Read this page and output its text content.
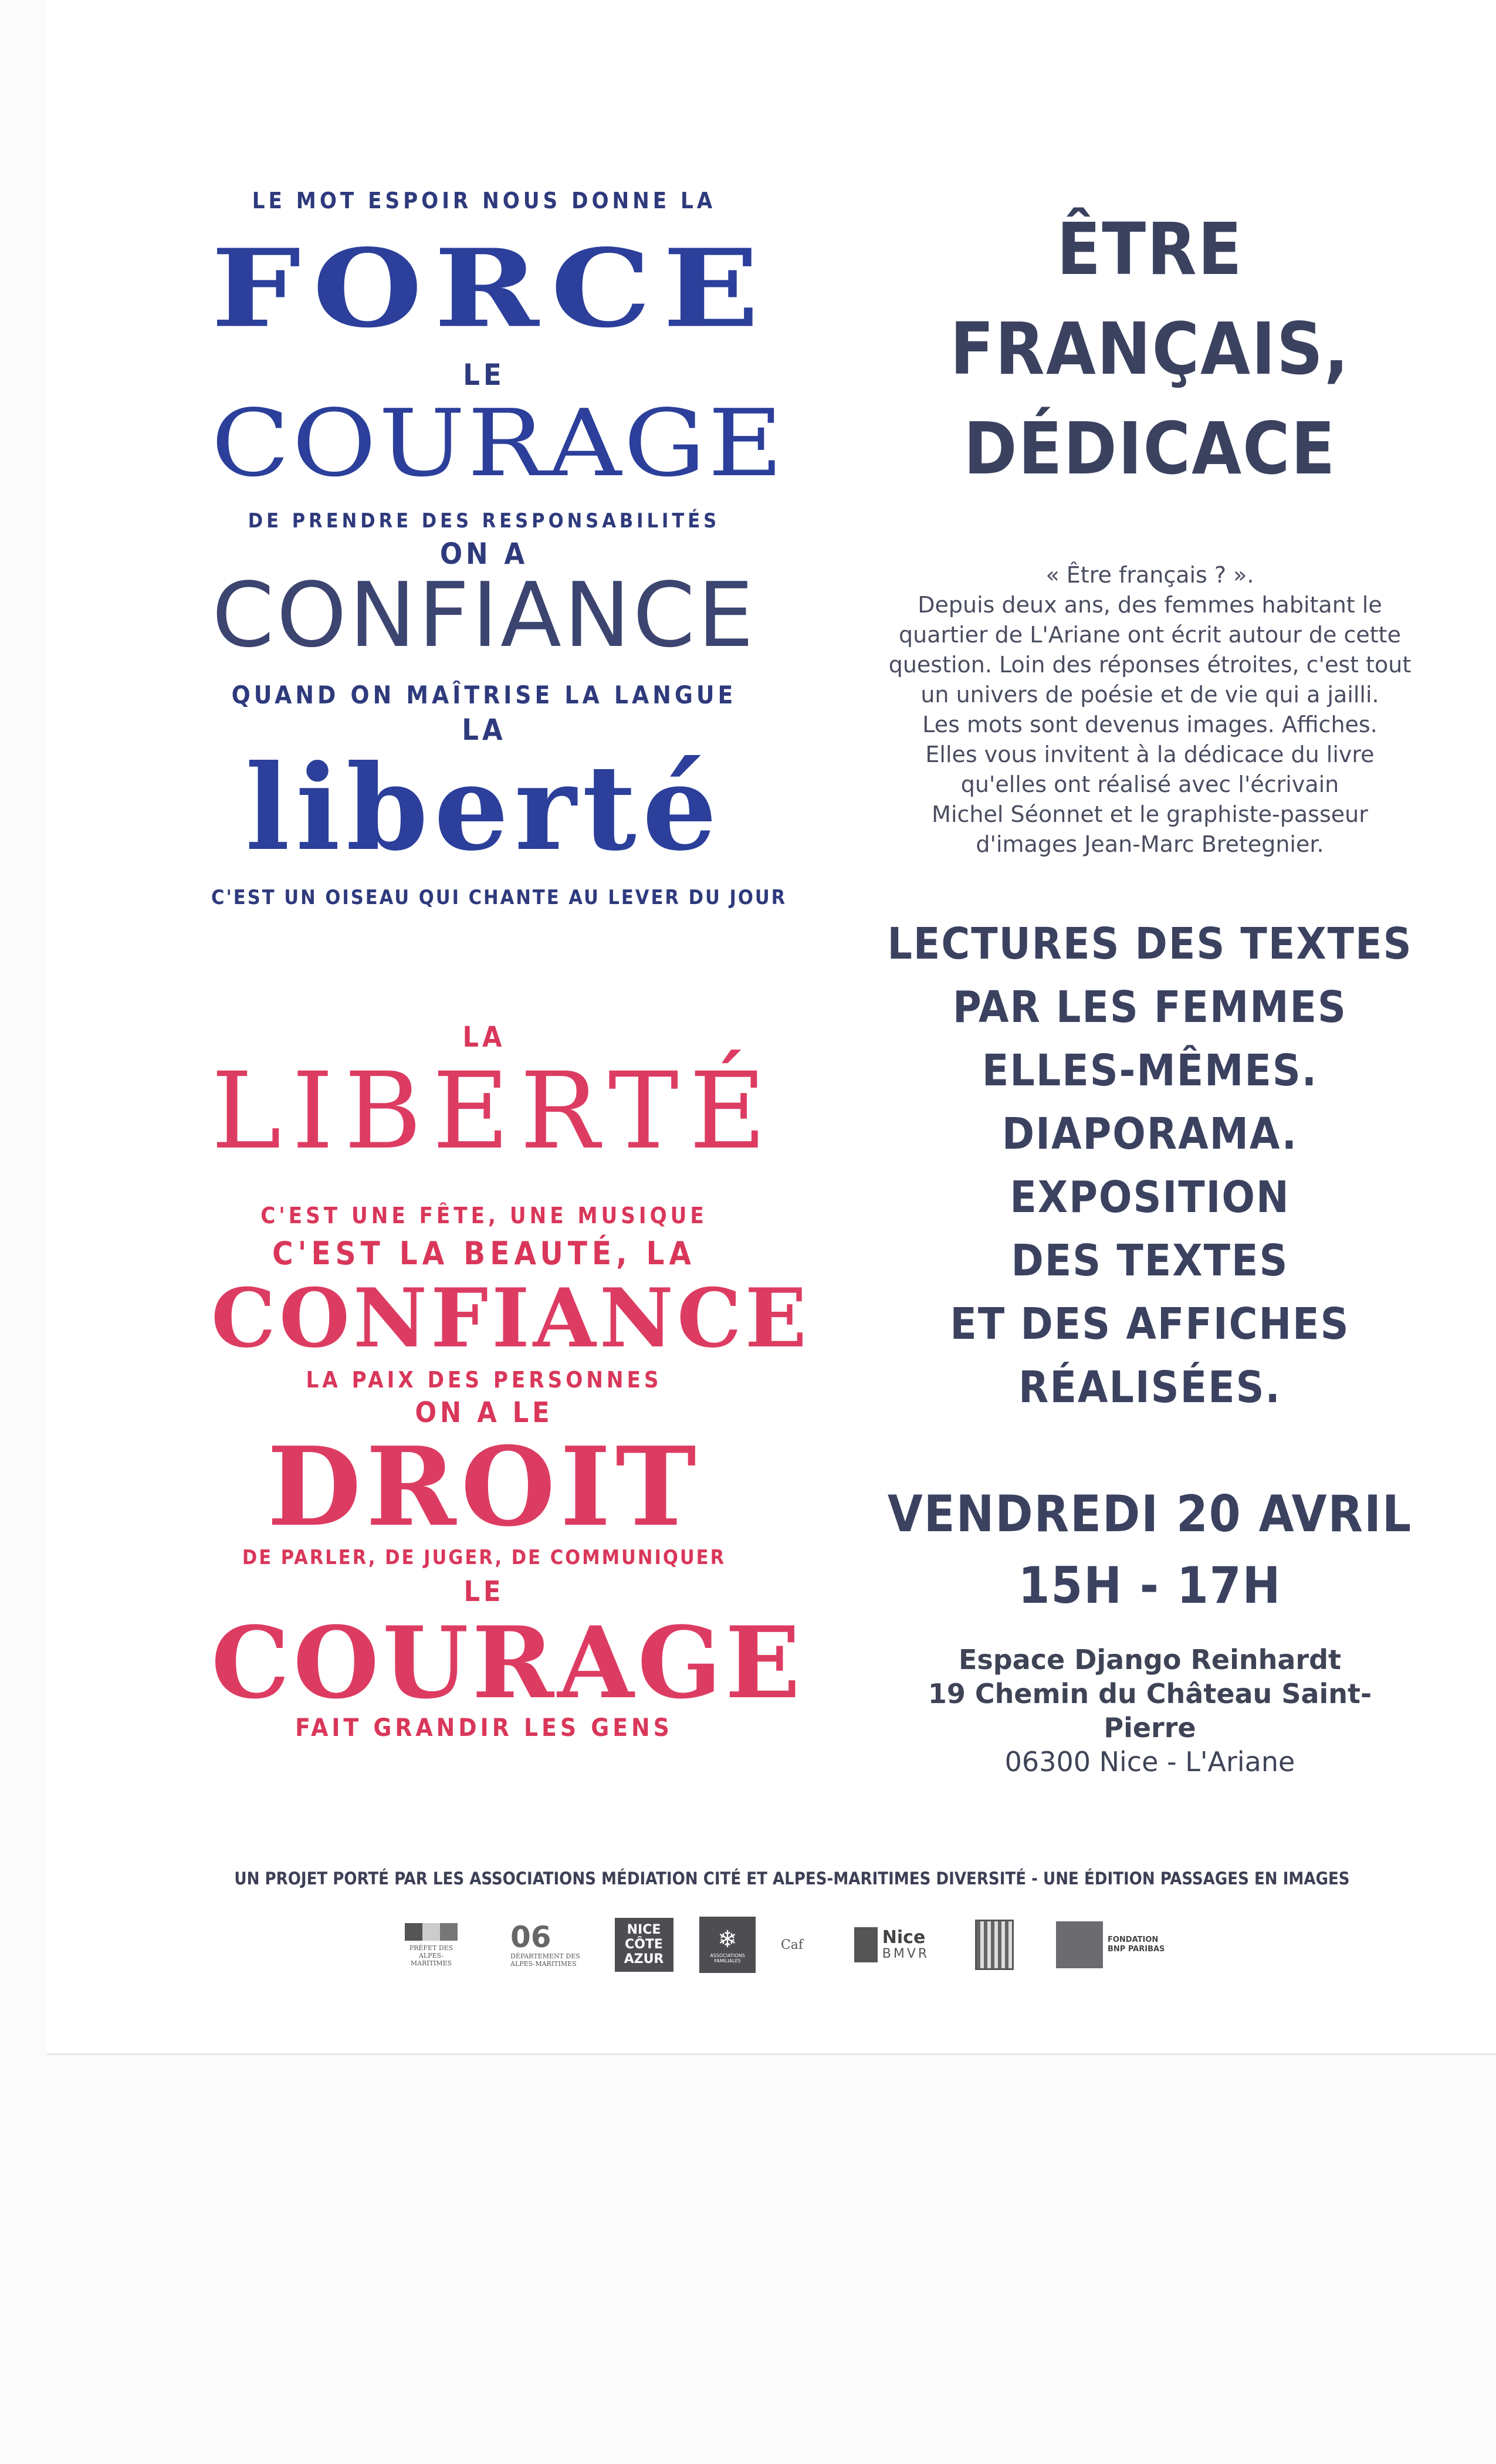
LE MOT ESPOIR NOUS DONNE LA
FORCE
LE
COURAGE
DE PRENDRE DES RESPONSABILITÉS
ON A
CONFIANCE
QUAND ON MAÎTRISE LA LANGUE
LA
liberté
C'EST UN OISEAU QUI CHANTE AU LEVER DU JOUR
LA
LIBERTÉ
C'EST UNE FÊTE, UNE MUSIQUE
C'EST LA BEAUTÉ, LA
CONFIANCE
LA PAIX DES PERSONNES
ON A LE
DROIT
DE PARLER, DE JUGER, DE COMMUNIQUER
LE
COURAGE
FAIT GRANDIR LES GENS
ÊTRE
FRANÇAIS,
DÉDICACE
« Être français ? ».
Depuis deux ans, des femmes habitant le
quartier de L'Ariane ont écrit autour de cette
question. Loin des réponses étroites, c'est tout
un univers de poésie et de vie qui a jailli.
Les mots sont devenus images. Affiches.
Elles vous invitent à la dédicace du livre
qu'elles ont réalisé avec l'écrivain
Michel Séonnet et le graphiste-passeur
d'images Jean-Marc Bretegnier.
LECTURES DES TEXTES
PAR LES FEMMES
ELLES-MÊMES.
DIAPORAMA.
EXPOSITION
DES TEXTES
ET DES AFFICHES
RÉALISÉES.
VENDREDI 20 AVRIL
15H - 17H
Espace Django Reinhardt
19 Chemin du Château Saint-Pierre
06300 Nice - L'Ariane
UN PROJET PORTÉ PAR LES ASSOCIATIONS MÉDIATION CITÉ ET ALPES-MARITIMES DIVERSITÉ - UNE ÉDITION PASSAGES EN IMAGES
PRÉFET DES ALPES-MARITIMES
06
DÉPARTEMENT DES ALPES-MARITIMES
NICE
CÔTE
AZUR
❄
ASSOCIATIONS FAMILIALES
Caf	Nice
BMVR
FONDATION
BNP PARIBAS
